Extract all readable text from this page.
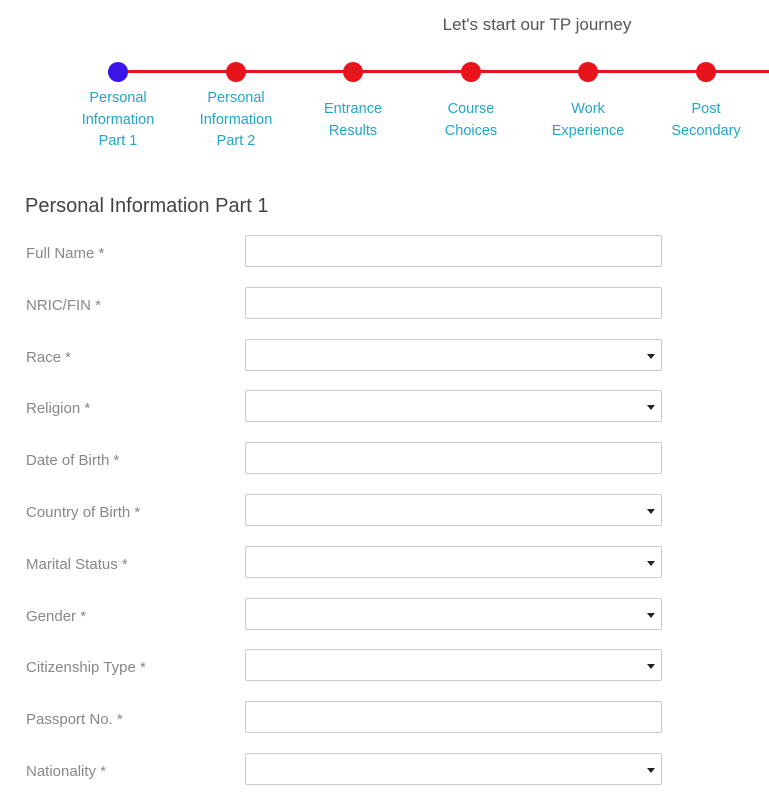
Let's start our TP journey
Personal
Information
Part 1
Personal
Information
Part 2
Entrance
Results
Course
Choices
Work
Experience
Post
Secondary
Personal Information Part 1
Full Name *
NRIC/FIN *
Race *
Religion *
Date of Birth *
Country of Birth *
Marital Status *
Gender *
Citizenship Type *
Passport No. *
Nationality *
